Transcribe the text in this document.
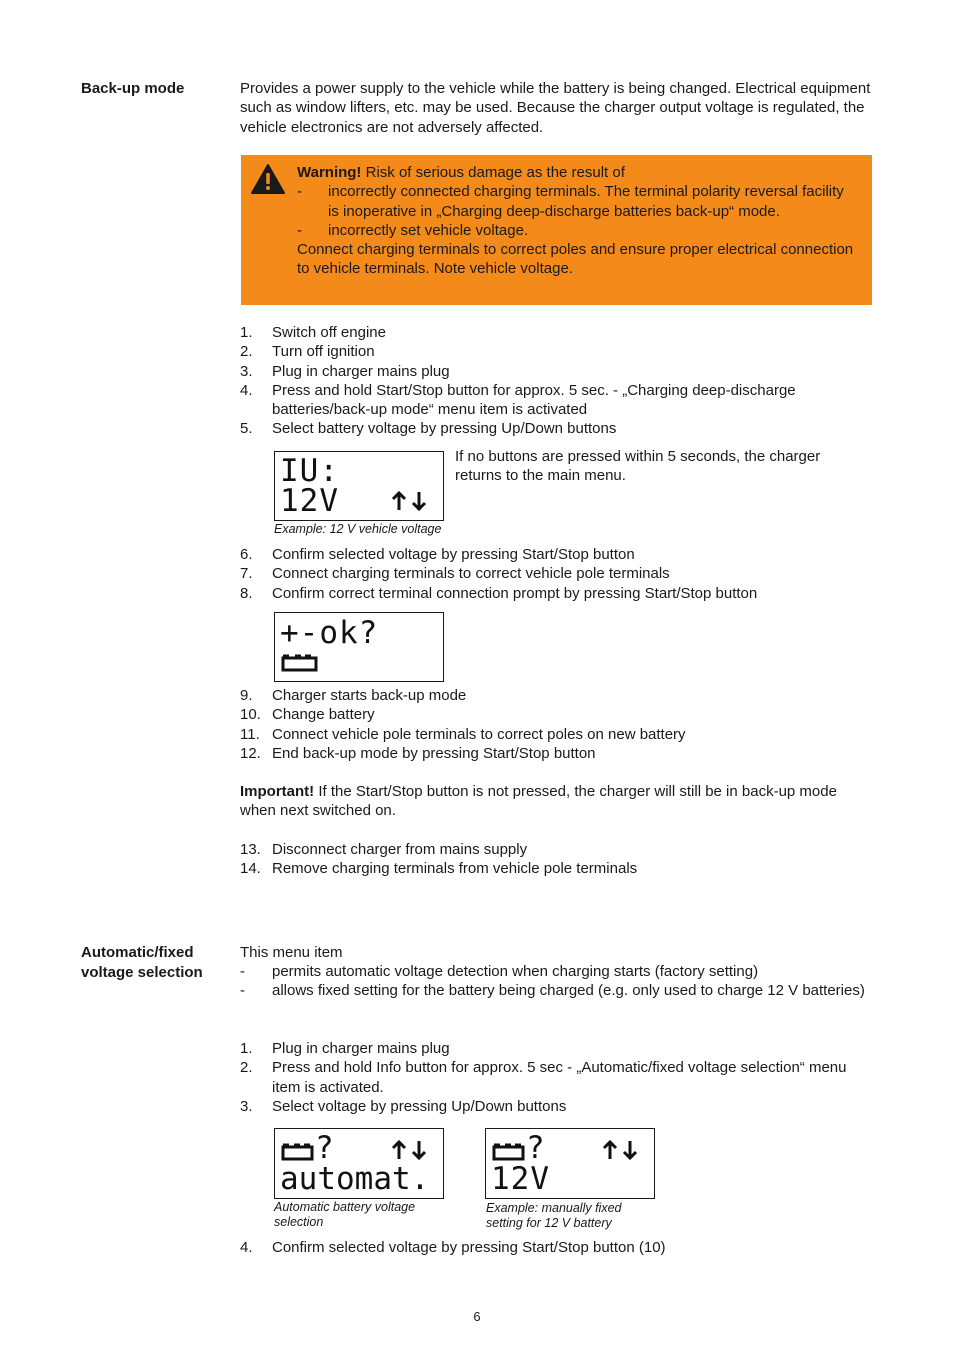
Back-up mode	Provides a power supply to the vehicle while the battery is being changed. Electrical equipment such as window lifters, etc. may be used. Because the charger output voltage is regulated, the vehicle electronics are not adversely affected.
Warning! Risk of serious damage as the result of
- incorrectly connected charging terminals. The terminal polarity reversal facility is inoperative in „Charging deep-discharge batteries back-up“ mode.
- incorrectly set vehicle voltage.
Connect charging terminals to correct poles and ensure proper electrical connection to vehicle terminals. Note vehicle voltage.
1. Switch off engine
2. Turn off ignition
3. Plug in charger mains plug
4. Press and hold Start/Stop button for approx. 5 sec. - „Charging deep-discharge batteries/back-up mode“ menu item is activated
5. Select battery voltage by pressing Up/Down buttons
IU:
12V
Example: 12 V vehicle voltage
If no buttons are pressed within 5 seconds, the charger returns to the main menu.
6. Confirm selected voltage by pressing Start/Stop button
7. Connect charging terminals to correct vehicle pole terminals
8. Confirm correct terminal connection prompt by pressing Start/Stop button
+-ok?
9. Charger starts back-up mode
10. Change battery
11. Connect vehicle pole terminals to correct poles on new battery
12. End back-up mode by pressing Start/Stop button
Important! If the Start/Stop button is not pressed, the charger will still be in back-up mode when next switched on.
13. Disconnect charger from mains supply
14. Remove charging terminals from vehicle pole terminals
Automatic/fixed voltage selection
This menu item
- permits automatic voltage detection when charging starts (factory setting)
- allows fixed setting for the battery being charged (e.g. only used to charge 12 V batteries)
1. Plug in charger mains plug
2. Press and hold Info button for approx. 5 sec - „Automatic/fixed voltage selection“ menu item is activated.
3. Select voltage by pressing Up/Down buttons
?
automat.
Automatic battery voltage selection
?
12V
Example: manually fixed setting for 12 V battery
4. Confirm selected voltage by pressing Start/Stop button (10)
6
